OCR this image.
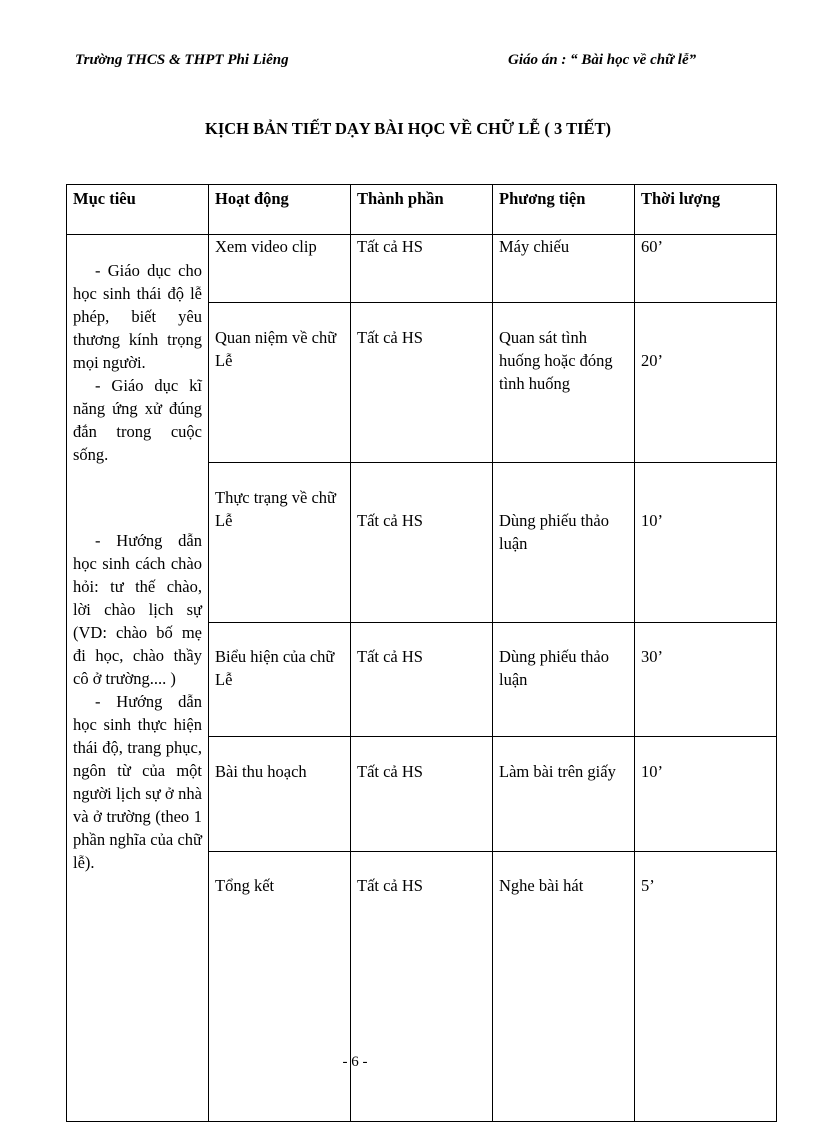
Trường THCS & THPT Phi Liêng	Giáo án : “ Bài học về chữ lễ”
KỊCH BẢN TIẾT DẠY BÀI HỌC VỀ CHỮ LỄ ( 3 TIẾT)
Mục tiêu	Hoạt động	Thành phần	Phương tiện	Thời lượng

- Giáo dục cho học sinh thái độ lễ phép, biết yêu thương kính trọng mọi người.

- Giáo dục kĩ năng ứng xử đúng đắn trong cuộc sống.

- Hướng dẫn học sinh cách chào hỏi: tư thế chào, lời chào lịch sự (VD: chào bố mẹ đi học, chào thầy cô ở trường.... )

- Hướng dẫn học sinh thực hiện thái độ, trang phục, ngôn từ của một người lịch sự ở nhà và ở trường (theo 1 phần nghĩa của chữ lễ).	Xem video clip	Tất cả HS	Máy chiếu	60’
	Quan niệm về chữ Lễ	Tất cả HS	Quan sát tình huống hoặc đóng tình huống	20’
	Thực trạng về chữ Lễ	Tất cả HS	Dùng phiếu thảo luận	10’
	Biểu hiện của chữ Lễ	Tất cả HS	Dùng phiếu thảo luận	30’
	Bài thu hoạch	Tất cả HS	Làm bài trên giấy	10’
	Tổng kết	Tất cả HS	Nghe bài hát	5’
- 6 -
